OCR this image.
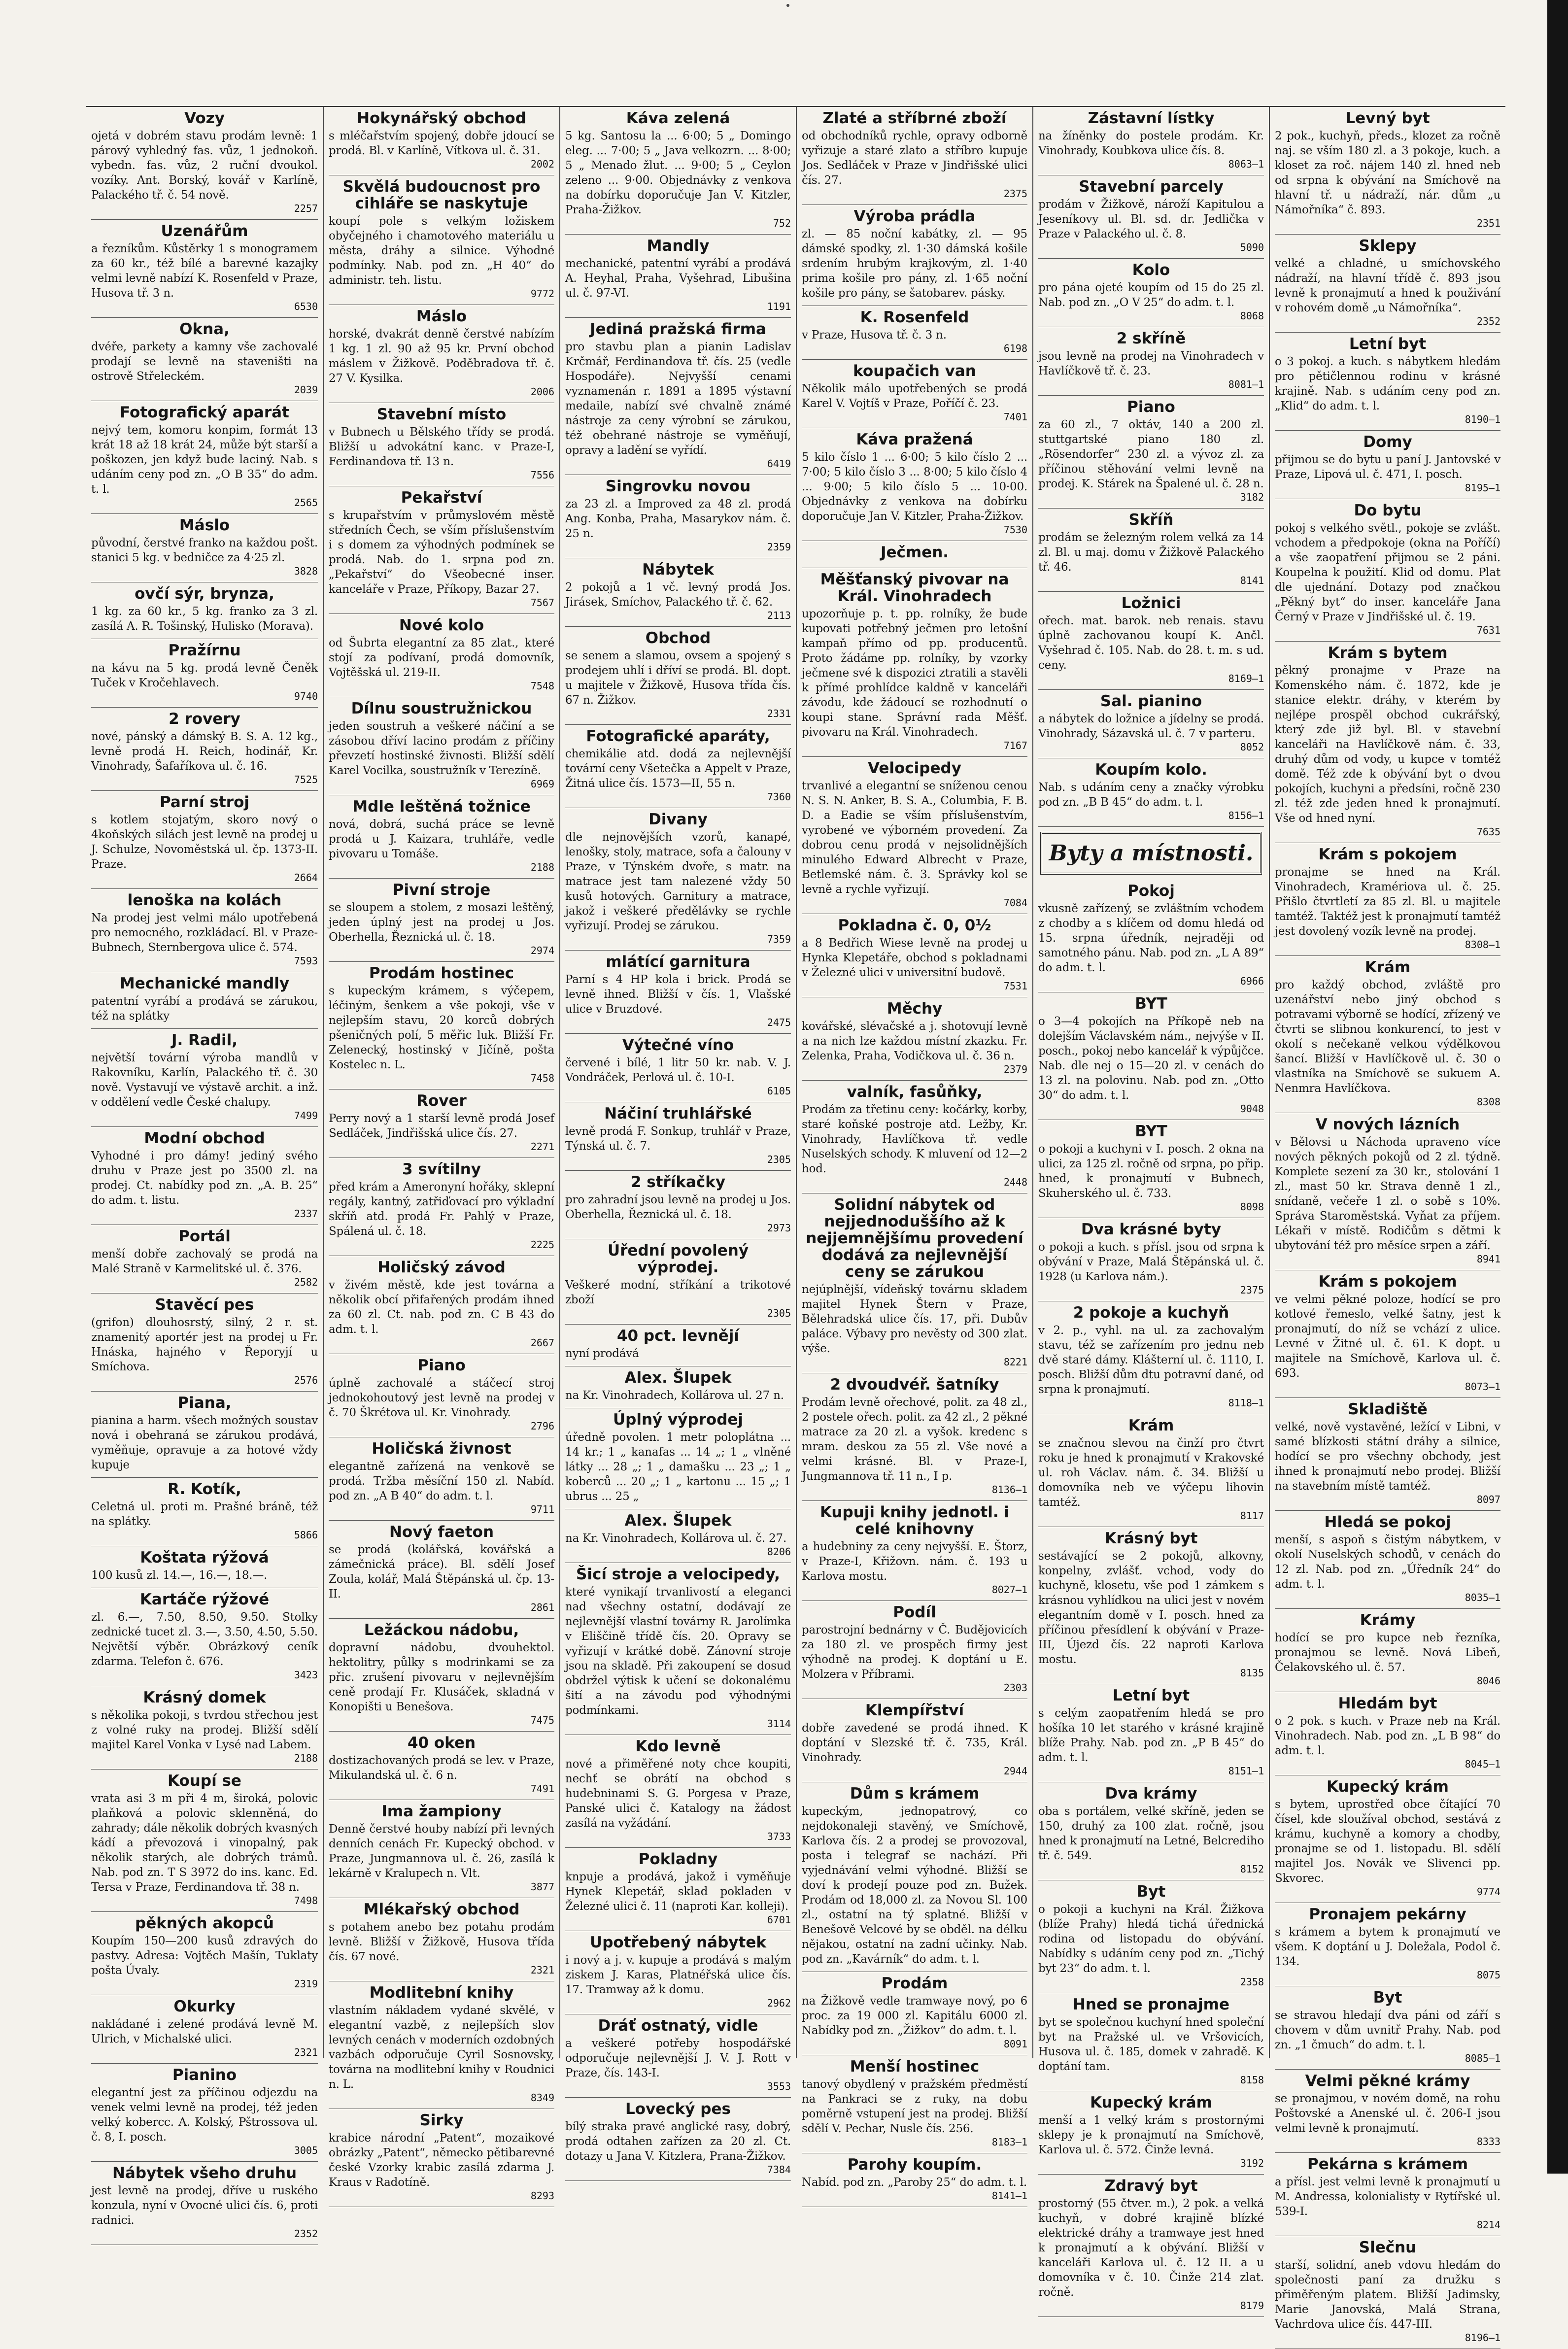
Vozy

ojetá v dobrém stavu prodám levně: 1 párový vyhledný fas. vůz, 1 jednokoň. vybedn. fas. vůz, 2 ruční dvoukol. vozíky. Ant. Borský, kovář v Karlíně, Palackého tř. č. 54 nově.

2257
Uzenářům

a řezníkům. Kůstěrky 1 s monogramem za 60 kr., též bílé a barevné kazajky velmi levně nabízí K. Rosenfeld v Praze, Husova tř. 3 n.

6530
Okna,

dvéře, parkety a kamny vše zachovalé prodají se levně na staveništi na ostrově Střeleckém.

2039
Fotografický aparát

nejvý tem, komoru konpim, formát 13 krát 18 až 18 krát 24, může být starší a poškozen, jen když bude laciný. Nab. s udáním ceny pod zn. „O B 35“ do adm. t. l.

2565
Máslo

původní, čerstvé franko na každou pošt. stanici 5 kg. v bedničce za 4·25 zl.

3828
ovčí sýr, brynza,

1 kg. za 60 kr., 5 kg. franko za 3 zl. zasílá A. R. Tošinský, Hulisko (Morava).

Pražírnu

na kávu na 5 kg. prodá levně Čeněk Tuček v Kročehlavech.

9740
2 rovery

nové, pánský a dámský B. S. A. 12 kg., levně prodá H. Reich, hodinář, Kr. Vinohrady, Šafaříkova ul. č. 16.

7525
Parní stroj

s kotlem stojatým, skoro nový o 4koňských silách jest levně na prodej u J. Schulze, Novoměstská ul. čp. 1373-II. Praze.

2664
lenoška na kolách

Na prodej jest velmi málo upotřebená pro nemocného, rozkládací. Bl. v Praze-Bubnech, Sternbergova ulice č. 574.

7593
Mechanické mandly

patentní vyrábí a prodává se zárukou, též na splátky

J. Radil,

největší tovární výroba mandlů v Rakovníku, Karlín, Palackého tř. č. 30 nově. Vystavují ve výstavě archit. a inž. v oddělení vedle České chalupy.

7499
Modní obchod

Vyhodné i pro dámy! jediný svého druhu v Praze jest po 3500 zl. na prodej. Ct. nabídky pod zn. „A. B. 25“ do adm. t. listu.

2337
Portál

menší dobře zachovalý se prodá na Malé Straně v Karmelitské ul. č. 376.

2582
Stavěcí pes

(grifon) dlouhosrstý, silný, 2 r. st. znamenitý aportér jest na prodej u Fr. Hnáska, hajného v Řeporyjí u Smíchova.

2576
Piana,

pianina a harm. všech možných soustav nová i obehraná se zárukou prodává, vyměňuje, opravuje a za hotové vždy kupuje

R. Kotík,

Celetná ul. proti m. Prašné bráně, též na splátky.

5866
Koštata rýžová

100 kusů zl. 14.—, 16.—, 18.—.

Kartáče rýžové

zl. 6.—, 7.50, 8.50, 9.50. Stolky zednické tucet zl. 3.—, 3.50, 4.50, 5.50. Největší výběr. Obrázkový ceník zdarma. Telefon č. 676.

3423
Krásný domek

s několika pokoji, s tvrdou střechou jest z volné ruky na prodej. Bližší sdělí majitel Karel Vonka v Lysé nad Labem.

2188
Koupí se

vrata asi 3 m při 4 m, široká, polovic plaňková a polovic sklenněná, do zahrady; dále několik dobrých kvasných kádí a převozová i vinopalný, pak několik starých, ale dobrých trámů. Nab. pod zn. T S 3972 do ins. kanc. Ed. Tersa v Praze, Ferdinandova tř. 38 n.

7498
pěkných akopců

Koupím 150—200 kusů zdravých do pastvy. Adresa: Vojtěch Mašín, Tuklaty pošta Úvaly.

2319
Okurky

nakládané i zelené prodává levně M. Ulrich, v Michalské ulici.

2321
Pianino

elegantní jest za příčinou odjezdu na venek velmi levně na prodej, též jeden velký kobercc. A. Kolský, Pštrossova ul. č. 8, I. posch.

3005
Nábytek všeho druhu

jest levně na prodej, dříve u ruského konzula, nyní v Ovocné ulici čís. 6, proti radnici.

2352
Hokynářský obchod

s mléčařstvím spojený, dobře jdoucí se prodá. Bl. v Karlíně, Vítkova ul. č. 31.

2002
Skvělá budoucnost pro cihláře se naskytuje

koupí pole s velkým ložiskem obyčejného i chamotového materiálu u města, dráhy a silnice. Výhodné podmínky. Nab. pod zn. „H 40“ do administr. teh. listu.

9772
Máslo

horské, dvakrát denně čerstvé nabízím 1 kg. 1 zl. 90 až 95 kr. První obchod máslem v Žižkově. Poděbradova tř. č. 27 V. Kysilka.

2006
Stavební místo

v Bubnech u Bělského třídy se prodá. Bližší u advokátní kanc. v Praze-I, Ferdinandova tř. 13 n.

7556
Pekařství

s krupařstvím v průmyslovém městě středních Čech, se vším příslušenstvím i s domem za výhodných podmínek se prodá. Nab. do 1. srpna pod zn. „Pekařství“ do Všeobecné inser. kanceláře v Praze, Příkopy, Bazar 27.

7567
Nové kolo

od Šubrta elegantní za 85 zlat., které stojí za podívaní, prodá domovník, Vojtěšská ul. 219-II.

7548
Dílnu soustružnickou

jeden soustruh a veškeré náčiní a se zásobou dříví lacino prodám z příčiny převzetí hostinské živnosti. Bližší sdělí Karel Vocilka, soustružník v Terezíně.

6969
Mdle leštěná tožnice

nová, dobrá, suchá práce se levně prodá u J. Kaizara, truhláře, vedle pivovaru u Tomáše.

2188
Pivní stroje

se sloupem a stolem, z mosazi leštěný, jeden úplný jest na prodej u Jos. Oberhella, Řeznická ul. č. 18.

2974
Prodám hostinec

s kupeckým krámem, s výčepem, léčiným, šenkem a vše pokoji, vše v nejlepším stavu, 20 korců dobrých pšeničných polí, 5 měřic luk. Bližší Fr. Zelenecký, hostinský v Jičíně, pošta Kostelec n. L.

7458
Rover

Perry nový a 1 starší levně prodá Josef Sedláček, Jindřišská ulice čís. 27.

2271
3 svítilny

před krám a Ameronyní hořáky, sklepní regály, kantný, zatřiďovací pro výkladní skříň atd. prodá Fr. Pahlý v Praze, Spálená ul. č. 18.

2225
Holičský závod

v živém městě, kde jest továrna a několik obcí přifařených prodám ihned za 60 zl. Ct. nab. pod zn. C B 43 do adm. t. l.

2667
Piano

úplně zachovalé a stáčecí stroj jednokohoutový jest levně na prodej v č. 70 Škrétova ul. Kr. Vinohrady.

2796
Holičská živnost

elegantně zařízená na venkově se prodá. Tržba měsíční 150 zl. Nabíd. pod zn. „A B 40“ do adm. t. l.

9711
Nový faeton

se prodá (kolářská, kovářská a zámečnická práce). Bl. sdělí Josef Zoula, kolář, Malá Štěpánská ul. čp. 13-II.

2861
Ležáckou nádobu,

dopravní nádobu, dvouhektol. hektolitry, půlky s modrinkami se za přic. zrušení pivovaru v nejlevnějším ceně prodají Fr. Klusáček, skladná v Konopišti u Benešova.

7475
40 oken

dostizachovaných prodá se lev. v Praze, Mikulandská ul. č. 6 n.

7491
Ima žampiony

Denně čerstvé houby nabízí při levných denních cenách Fr. Kupecký obchod. v Praze, Jungmannova ul. č. 26, zasílá k lekárně v Kralupech n. Vlt.

3877
Mlékařský obchod

s potahem anebo bez potahu prodám levně. Bližší v Žižkově, Husova třída čís. 67 nové.

2321
Modlitební knihy

vlastním nákladem vydané skvělé, v elegantní vazbě, z nejlepších slov levných cenách v moderních ozdobných vazbách odporučuje Cyril Sosnovsky, továrna na modlitební knihy v Roudnici n. L.

8349
Sirky

krabice národní „Patent“, mozaikové obrázky „Patent“, německo pětibarevné české Vzorky krabic zasílá zdarma J. Kraus v Radotíně.

8293
Káva zelená

5 kg. Santosu la ... 6·00; 5 „ Domingo eleg. ... 7·00; 5 „ Java velkozrn. ... 8·00; 5 „ Menado žlut. ... 9·00; 5 „ Ceylon zeleno ... 9·00. Objednávky z venkova na dobírku doporučuje Jan V. Kitzler, Praha-Žižkov.

752
Mandly

mechanické, patentní vyrábí a prodává A. Heyhal, Praha, Vyšehrad, Libušina ul. č. 97-VI.

1191
Jediná pražská firma

pro stavbu plan a pianin Ladislav Krčmář, Ferdinandova tř. čís. 25 (vedle Hospodáře). Nejvyšší cenami vyznamenán r. 1891 a 1895 výstavní medaile, nabízí své chvalně známé nástroje za ceny výrobní se zárukou, též obehrané nástroje se vyměňují, opravy a ladění se vyřídí.

6419
Singrovku novou

za 23 zl. a Improved za 48 zl. prodá Ang. Konba, Praha, Masarykov nám. č. 25 n.

2359
Nábytek

2 pokojů a 1 vč. levný prodá Jos. Jirásek, Smíchov, Palackého tř. č. 62.

2113
Obchod

se senem a slamou, ovsem a spojený s prodejem uhlí i dříví se prodá. Bl. dopt. u majitele v Žižkově, Husova třída čís. 67 n. Žižkov.

2331
Fotografické aparáty,

chemikálie atd. dodá za nejlevnější tovární ceny Všetečka a Appelt v Praze, Žitná ulice čís. 1573—II, 55 n.

7360
Divany

dle nejnovějších vzorů, kanapé, lenošky, stoly, matrace, sofa a čalouny v Praze, v Týnském dvoře, s matr. na matrace jest tam nalezené vždy 50 kusů hotových. Garnitury a matrace, jakož i veškeré předělávky se rychle vyřizují. Prodej se zárukou.

7359
mlátící garnitura

Parní s 4 HP kola i brick. Prodá se levně ihned. Bližší v čís. 1, Vlašské ulice v Bruzdové.

2475
Výtečné víno

červené i bílé, 1 litr 50 kr. nab. V. J. Vondráček, Perlová ul. č. 10-I.

6105
Náčiní truhlářské

levně prodá F. Sonkup, truhlář v Praze, Týnská ul. č. 7.

2305
2 stříkačky

pro zahradní jsou levně na prodej u Jos. Oberhella, Řeznická ul. č. 18.

2973
Úřední povolený výprodej.

Veškeré modní, stříkání a trikotové zboží

2305
40 pct. levnějí

nyní prodává

Alex. Šlupek

na Kr. Vinohradech, Kollárova ul. 27 n.

Úplný výprodej

úředně povolen. 1 metr poloplátna ... 14 kr.; 1 „ kanafas ... 14 „; 1 „ vlněné látky ... 28 „; 1 „ damašku ... 23 „; 1 „ koberců ... 20 „; 1 „ kartonu ... 15 „; 1 ubrus ... 25 „

Alex. Šlupek

na Kr. Vinohradech, Kollárova ul. č. 27.

8206
Šicí stroje a velocipedy,

které vynikají trvanlivostí a eleganci nad všechny ostatní, dodávají ze nejlevnější vlastní továrny R. Jarolímka v Eliščině třídě čís. 20. Opravy se vyřizují v krátké době. Zánovní stroje jsou na skladě. Při zakoupení se dosud obdržel výtisk k učení se dokonalému šití a na závodu pod výhodnými podmínkami.

3114
Kdo levně

nové a přiměřené noty chce koupiti, nechť se obrátí na obchod s hudebninami S. G. Porgesa v Praze, Panské ulici č. Katalogy na žádost zasílá na vyžádání.

3733
Pokladny

knpuje a prodává, jakož i vyměňuje Hynek Klepetář, sklad pokladen v Železné ulici č. 11 (naproti Kar. kolleji).

6701
Upotřebený nábytek

i nový a j. v. kupuje a prodává s malým ziskem J. Karas, Platnéřská ulice čís. 17. Tramway až k domu.

2962
Dráť ostnatý, vidle

a veškeré potřeby hospodářské odporučuje nejlevnější J. V. J. Rott v Praze, čís. 143-I.

3553
Lovecký pes

bílý straka pravé anglické rasy, dobrý, prodá odtahen zařízen za 20 zl. Ct. dotazy u Jana V. Kitzlera, Prana-Žižkov.

7384
Zlaté a stříbrné zboží

od obchodníků rychle, opravy odborně vyřizuje a staré zlato a stříbro kupuje Jos. Sedláček v Praze v Jindřišské ulici čís. 27.

2375
Výroba prádla

zl. — 85 noční kabátky, zl. — 95 dámské spodky, zl. 1·30 dámská košile srdením hrubým krajkovým, zl. 1·40 prima košile pro pány, zl. 1·65 noční košile pro pány, se šatobarev. pásky.

K. Rosenfeld

v Praze, Husova tř. č. 3 n.

6198
koupačich van

Několik málo upotřebených se prodá Karel V. Vojtíš v Praze, Poříčí č. 23.

7401
Káva pražená

5 kilo číslo 1 ... 6·00; 5 kilo číslo 2 ... 7·00; 5 kilo číslo 3 ... 8·00; 5 kilo číslo 4 ... 9·00; 5 kilo číslo 5 ... 10·00. Objednávky z venkova na dobírku doporučuje Jan V. Kitzler, Praha-Žižkov.

7530
Ječmen.

Měšťanský pivovar na Král. Vinohradech

upozorňuje p. t. pp. rolníky, že bude kupovati potřebný ječmen pro letošní kampaň přímo od pp. producentů. Proto žádáme pp. rolníky, by vzorky ječmene své k dispozici ztratili a stavěli k přímé prohlídce kaldně v kanceláři závodu, kde žádoucí se rozhodnutí o koupi stane. Správní rada Měšť. pivovaru na Král. Vinohradech.

7167
Velocipedy

trvanlivé a elegantní se sníženou cenou N. S. N. Anker, B. S. A., Columbia, F. B. D. a Eadie se vším příslušenstvím, vyrobené ve výborném provedení. Za dobrou cenu prodá v nejsolidnějších minulého Edward Albrecht v Praze, Betlemské nám. č. 3. Správky kol se levně a rychle vyřizují.

7084
Pokladna č. 0, 0½

a 8 Bedřich Wiese levně na prodej u Hynka Klepetáře, obchod s pokladnami v Železné ulici v universitní budově.

7531
Měchy

kovářské, slévačské a j. shotovují levně a na nich lze každou místní zkazku. Fr. Zelenka, Praha, Vodičkova ul. č. 36 n.

2379
valník, fasůňky,

Prodám za třetinu ceny: kočárky, korby, staré koňské postroje atd. Ležby, Kr. Vinohrady, Havlíčkova tř. vedle Nuselských schody. K mluvení od 12—2 hod.

2448
Solidní nábytek od nejjednoduššího až k nejjemnějšímu provedení dodává za nejlevnější ceny se zárukou

nejúplnější, vídeňský továrnu skladem majitel Hynek Štern v Praze, Bělehradská ulice čís. 17, při. Dubův paláce. Výbavy pro nevěsty od 300 zlat. výše.

8221
2 dvoudvéř. šatníky

Prodám levně ořechové, polit. za 48 zl., 2 postele ořech. polit. za 42 zl., 2 pěkné matrace za 20 zl. a vyšok. kredenc s mram. deskou za 55 zl. Vše nové a velmi krásné. Bl. v Praze-I, Jungmannova tř. 11 n., I p.

8136—1
Kupuji knihy jednotl. i celé knihovny

a hudebniny za ceny nejvyšší. E. Štorz, v Praze-I, Křižovn. nám. č. 193 u Karlova mostu.

8027—1
Podíl

parostrojní bednárny v Č. Budějovicích za 180 zl. ve prospěch firmy jest výhodně na prodej. K doptání u E. Molzera v Příbrami.

2303
Klempířství

dobře zavedené se prodá ihned. K doptání v Slezské tř. č. 735, Král. Vinohrady.

2944
Dům s krámem

kupeckým, jednopatrový, co nejdokonaleji stavěný, ve Smíchově, Karlova čís. 2 a prodej se provozoval, posta i telegraf se nachází. Při vyjednávání velmi výhodné. Bližší se doví k prodejí pouze pod zn. Bužek. Prodám od 18,000 zl. za Novou Sl. 100 zl., ostatní na tý splatné. Bližší v Benešově Velcové by se obděl. na délku nějakou, ostatní na zadní učinky. Nab. pod zn. „Kavárník“ do adm. t. l.

Prodám

na Žižkově vedle tramwaye nový, po 6 proc. za 19 000 zl. Kapitálu 6000 zl. Nabídky pod zn. „Žižkov“ do adm. t. l.

8091
Menší hostinec

tanový obydlený v pražském předměstí na Pankraci se z ruky, na dobu poměrně vstupení jest na prodej. Bližší sdělí V. Pechar, Nusle čís. 256.

8183—1
Parohy koupím.

Nabíd. pod zn. „Paroby 25“ do adm. t. l.

8141—1
Zástavní lístky

na žíněnky do postele prodám. Kr. Vinohrady, Koubkova ulice čís. 8.

8063—1
Stavební parcely

prodám v Žižkově, nároží Kapitulou a Jeseníkovy ul. Bl. sd. dr. Jedlička v Praze v Palackého ul. č. 8.

5090
Kolo

pro pána ojeté koupím od 15 do 25 zl. Nab. pod zn. „O V 25“ do adm. t. l.

8068
2 skříně

jsou levně na prodej na Vinohradech v Havlíčkově tř. č. 23.

8081—1
Piano

za 60 zl., 7 oktáv, 140 a 200 zl. stuttgartské piano 180 zl. „Rösendorfer“ 230 zl. a vývoz zl. za příčinou stěhování velmi levně na prodej. K. Stárek na Špalené ul. č. 28 n.

3182
Skříň

prodám se železným rolem velká za 14 zl. Bl. u maj. domu v Žižkově Palackého tř. 46.

8141
Ložnici

ořech. mat. barok. neb renais. stavu úplně zachovanou koupí K. Ančl. Vyšehrad č. 105. Nab. do 28. t. m. s ud. ceny.

8169—1
Sal. pianino

a nábytek do ložnice a jídelny se prodá. Vinohrady, Sázavská ul. č. 7 v parteru.

8052
Koupím kolo.

Nab. s udáním ceny a značky výrobku pod zn. „B B 45“ do adm. t. l.

8156—1
Byty a místnosti.
Pokoj

vkusně zařízený, se zvláštním vchodem z chodby a s klíčem od domu hledá od 15. srpna úředník, nejraději od samotného pánu. Nab. pod zn. „L A 89“ do adm. t. l.

6966
BYT

o 3—4 pokojích na Příkopě neb na dolejším Václavském nám., nejvýše v II. posch., pokoj nebo kancelář k výpůjčce. Nab. dle nej o 15—20 zl. v cenách do 13 zl. na polovinu. Nab. pod zn. „Otto 30“ do adm. t. l.

9048
BYT

o pokoji a kuchyni v I. posch. 2 okna na ulici, za 125 zl. ročně od srpna, po přip. hned, k pronajmutí v Bubnech, Skuherského ul. č. 733.

8098
Dva krásné byty

o pokoji a kuch. s přísl. jsou od srpna k obývání v Praze, Malá Štěpánská ul. č. 1928 (u Karlova nám.).

2375
2 pokoje a kuchyň

v 2. p., vyhl. na ul. za zachovalým stavu, též se zařízením pro jednu neb dvě staré dámy. Klášterní ul. č. 1110, I. posch. Bližší dům dtu potravní dané, od srpna k pronajmutí.

8118—1
Krám

se značnou slevou na činží pro čtvrt roku je hned k pronajmutí v Krakovské ul. roh Václav. nám. č. 34. Bližší u domovníka neb ve výčepu lihovin tamtéž.

8117
Krásný byt

sestávající se 2 pokojů, alkovny, konpelny, zvlášť. vchod, vody do kuchyně, klosetu, vše pod 1 zámkem s krásnou vyhlídkou na ulici jest v novém elegantním domě v I. posch. hned za příčinou přesídlení k obývání v Praze-III, Újezd čís. 22 naproti Karlova mostu.

8135
Letní byt

s celým zaopatřením hledá se pro hošíka 10 let starého v krásné krajině blíže Prahy. Nab. pod zn. „P B 45“ do adm. t. l.

8151—1
Dva krámy

oba s portálem, velké skříně, jeden se 150, druhý za 100 zlat. ročně, jsou hned k pronajmutí na Letné, Belcrediho tř. č. 549.

8152
Byt

o pokoji a kuchyni na Král. Žižkova (blíže Prahy) hledá tichá úřednická rodina od listopadu do obývání. Nabídky s udáním ceny pod zn. „Tichý byt 23“ do adm. t. l.

2358
Hned se pronajme

byt se společnou kuchyní hned společní byt na Pražské ul. ve Vršovicích, Husova ul. č. 185, domek v zahradě. K doptání tam.

8158
Kupecký krám

menší a 1 velký krám s prostornými sklepy je k pronajmutí na Smíchově, Karlova ul. č. 572. Činže levná.

3192
Zdravý byt

prostorný (55 čtver. m.), 2 pok. a velká kuchyň, v dobré krajině blízké elektrické dráhy a tramwaye jest hned k pronajmutí a k obývání. Bližší v kanceláři Karlova ul. č. 12 II. a u domovníka v č. 10. Činže 214 zlat. ročně.

8179
Levný byt

2 pok., kuchyň, předs., klozet za ročně naj. se vším 180 zl. a 3 pokoje, kuch. a kloset za roč. nájem 140 zl. hned neb od srpna k obývání na Smíchově na hlavní tř. u nádraží, nár. dům „u Námořníka“ č. 893.

2351
Sklepy

velké a chladné, u smíchovského nádraží, na hlavní třídě č. 893 jsou levně k pronajmutí a hned k použivání v rohovém domě „u Námořníka“.

2352
Letní byt

o 3 pokoj. a kuch. s nábytkem hledám pro pětičlennou rodinu v krásné krajině. Nab. s udáním ceny pod zn. „Klid“ do adm. t. l.

8190—1
Domy

přijmou se do bytu u paní J. Jantovské v Praze, Lipová ul. č. 471, I. posch.

8195—1
Do bytu

pokoj s velkého světl., pokoje se zvlášt. vchodem a předpokoje (okna na Poříčí) a vše zaopatření přijmou se 2 páni. Koupelna k použití. Klid od domu. Plat dle ujednání. Dotazy pod značkou „Pěkný byt“ do inser. kanceláře Jana Černý v Praze v Jindřišské ul. č. 19.

7631
Krám s bytem

pěkný pronajme v Praze na Komenského nám. č. 1872, kde je stanice elektr. dráhy, v kterém by nejlépe prospěl obchod cukrářský, který zde již byl. Bl. v stavební kanceláři na Havlíčkově nám. č. 33, druhý dům od vody, u kupce v tomtéž domě. Též zde k obývání byt o dvou pokojích, kuchyni a předsíni, ročně 230 zl. též zde jeden hned k pronajmutí. Vše od hned nyní.

7635
Krám s pokojem

pronajme se hned na Král. Vinohradech, Kramériova ul. č. 25. Přišlo čtvrtletí za 85 zl. Bl. u majitele tamtéž. Taktéž jest k pronajmutí tamtéž jest dovolený vozík levně na prodej.

8308—1
Krám

pro každý obchod, zvláště pro uzenářství nebo jiný obchod s potravami výborně se hodící, zřízený ve čtvrti se slibnou konkurencí, to jest v okolí s nečekaně velkou výdělkovou šancí. Bližší v Havlíčkově ul. č. 30 o vlastníka na Smíchově se sukuem A. Nenmra Havlíčkova.

8308
V nových lázních

v Bělovsi u Náchoda upraveno více nových pěkných pokojů od 2 zl. týdně. Komplete sezení za 30 kr., stolování 1 zl., mast 50 kr. Strava denně 1 zl., snídaně, večeře 1 zl. o sobě s 10%. Správa Staroměstská. Vyňat za příjem. Lékaři v místě. Rodičům s dětmi k ubytování též pro měsíce srpen a září.

8941
Krám s pokojem

ve velmi pěkné poloze, hodící se pro kotlové řemeslo, velké šatny, jest k pronajmutí, do níž se vchází z ulice. Levné v Žitné ul. č. 61. K dopt. u majitele na Smíchově, Karlova ul. č. 693.

8073—1
Skladiště

velké, nově vystavěné, ležící v Libni, v samé blízkosti státní dráhy a silnice, hodící se pro všechny obchody, jest ihned k pronajmutí nebo prodej. Bližší na stavebním místě tamtéž.

8097
Hledá se pokoj

menší, s aspoň s čistým nábytkem, v okolí Nuselských schodů, v cenách do 12 zl. Nab. pod zn. „Úředník 24“ do adm. t. l.

8035—1
Krámy

hodící se pro kupce neb řezníka, pronajmou se levně. Nová Libeň, Čelakovského ul. č. 57.

8046
Hledám byt

o 2 pok. s kuch. v Praze neb na Král. Vinohradech. Nab. pod zn. „L B 98“ do adm. t. l.

8045—1
Kupecký krám

s bytem, uprostřed obce čítající 70 čísel, kde sloužíval obchod, sestává z krámu, kuchyně a komory a chodby, pronajme se od 1. listopadu. Bl. sdělí majitel Jos. Novák ve Slivenci pp. Skvorec.

9774
Pronajem pekárny

s krámem a bytem k pronajmutí ve všem. K doptání u J. Doležala, Podol č. 134.

8075
Byt

se stravou hledají dva páni od září s chovem v dům uvnitř Prahy. Nab. pod zn. „1 čmuch“ do adm. t. l.

8085—1
Velmi pěkné krámy

se pronajmou, v novém domě, na rohu Poštovské a Anenské ul. č. 206-I jsou velmi levně k pronajmutí.

8333
Pekárna s krámem

a přísl. jest velmi levně k pronajmutí u M. Andressa, kolonialisty v Rytířské ul. 539-I.

8214
Slečnu

starší, solidní, aneb vdovu hledám do společnosti paní za družku s přiměřeným platem. Bližší Jadimsky, Marie Janovská, Malá Strana, Vachrdova ulice čís. 447-III.

8196—1
